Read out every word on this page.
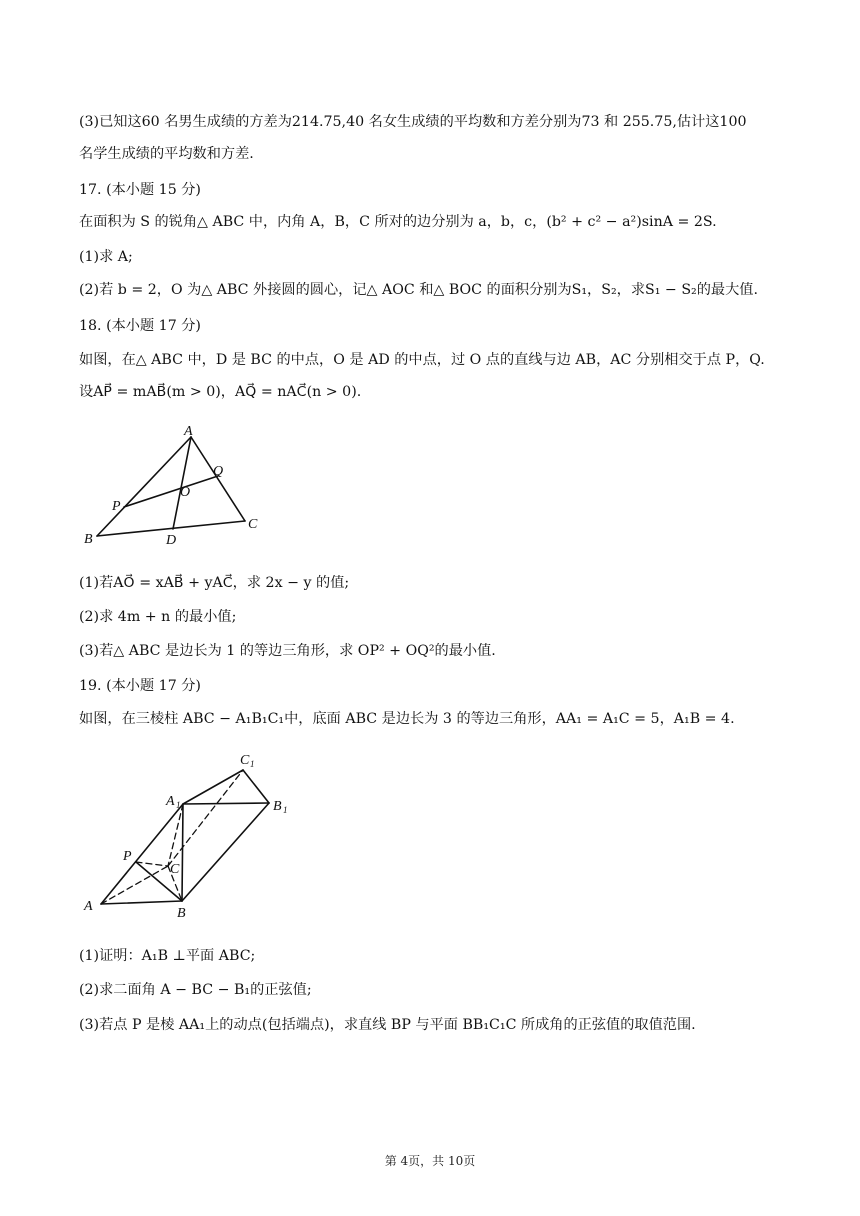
(3)已知这60 名男生成绩的方差为214.75,40 名女生成绩的平均数和方差分别为73 和 255.75,估计这100
名学生成绩的平均数和方差.
17. (本小题 15 分)
在面积为 S 的锐角△ ABC 中，内角 A，B，C 所对的边分别为 a，b，c，(b² + c² − a²)sinA = 2S.
(1)求 A;
(2)若 b = 2，O 为△ ABC 外接圆的圆心，记△ AOC 和△ BOC 的面积分别为S₁，S₂，求S₁ − S₂的最大值.
18. (本小题 17 分)
如图，在△ ABC 中，D 是 BC 的中点，O 是 AD 的中点，过 O 点的直线与边 AB，AC 分别相交于点 P，Q.
设AP⃗ = mAB⃗(m > 0)，AQ⃗ = nAC⃗(n > 0).
A
Q
O
P
C
B	D
(1)若AO⃗ = xAB⃗ + yAC⃗，求 2x − y 的值;
(2)求 4m + n 的最小值;
(3)若△ ABC 是边长为 1 的等边三角形，求 OP² + OQ²的最小值.
19. (本小题 17 分)
如图，在三棱柱 ABC − A₁B₁C₁中，底面 ABC 是边长为 3 的等边三角形，AA₁ = A₁C = 5，A₁B = 4.
C 1
A 1	B 1
P
C
A	B
(1)证明：A₁B ⊥平面 ABC;
(2)求二面角 A − BC − B₁的正弦值;
(3)若点 P 是棱 AA₁上的动点(包括端点)，求直线 BP 与平面 BB₁C₁C 所成角的正弦值的取值范围.
第 4页，共 10页
